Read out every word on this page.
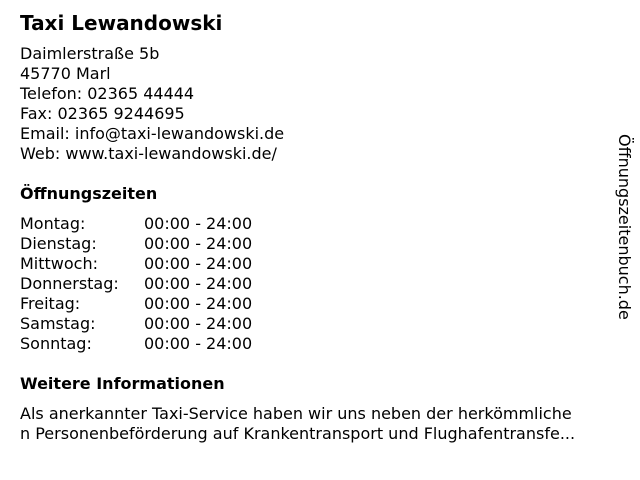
Taxi Lewandowski
Daimlerstraße 5b
45770 Marl
Telefon: 02365 44444
Fax: 02365 9244695
Email: info@taxi-lewandowski.de
Web: www.taxi-lewandowski.de/
Öffnungszeiten
Montag:	00:00 - 24:00
Dienstag:	00:00 - 24:00
Mittwoch:	00:00 - 24:00
Donnerstag: 00:00 - 24:00
Freitag:	00:00 - 24:00
Samstag:	00:00 - 24:00
Sonntag:	00:00 - 24:00
Weitere Informationen
Als anerkannter Taxi-Service haben wir uns neben der herkömmliche
n Personenbeförderung auf Krankentransport und Flughafentransfe...
Öffnungszeitenbuch.de
